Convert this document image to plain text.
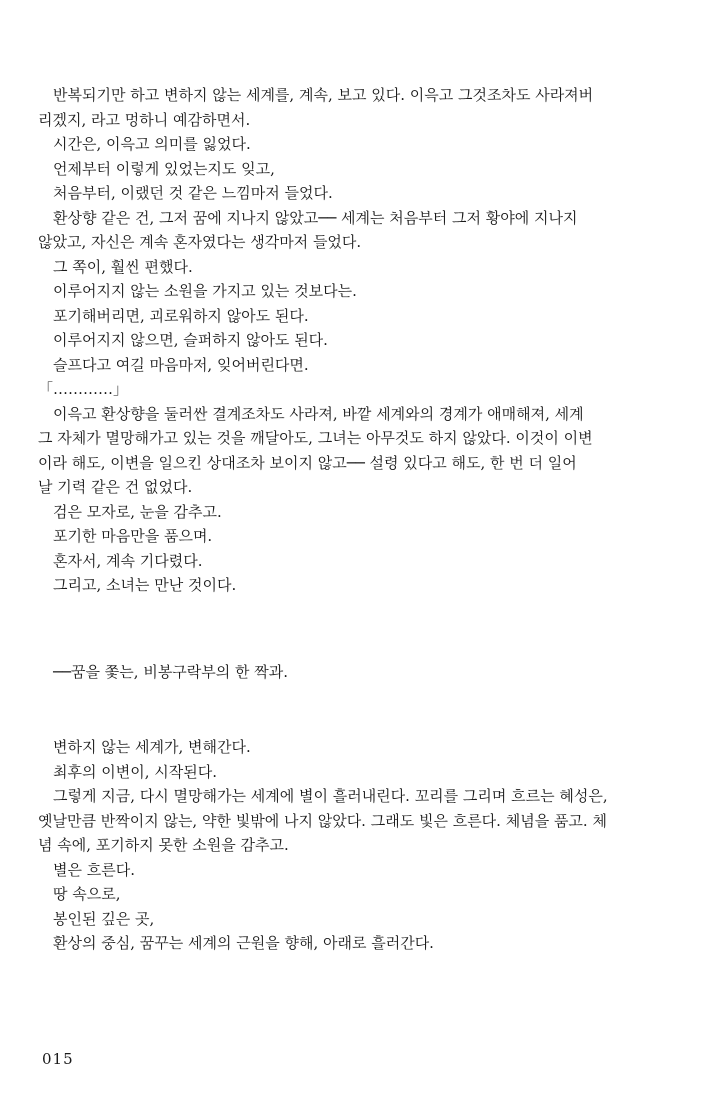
반복되기만 하고 변하지 않는 세계를, 계속, 보고 있다. 이윽고 그것조차도 사라져버
리겠지, 라고 멍하니 예감하면서.
시간은, 이윽고 의미를 잃었다.
언제부터 이렇게 있었는지도 잊고,
처음부터, 이랬던 것 같은 느낌마저 들었다.
환상향 같은 건, 그저 꿈에 지나지 않았고── 세계는 처음부터 그저 황야에 지나지
않았고, 자신은 계속 혼자였다는 생각마저 들었다.
그 쪽이, 훨씬 편했다.
이루어지지 않는 소원을 가지고 있는 것보다는.
포기해버리면, 괴로워하지 않아도 된다.
이루어지지 않으면, 슬퍼하지 않아도 된다.
슬프다고 여길 마음마저, 잊어버린다면.
「…………」
이윽고 환상향을 둘러싼 결계조차도 사라져, 바깥 세계와의 경계가 애매해져, 세계
그 자체가 멸망해가고 있는 것을 깨달아도, 그녀는 아무것도 하지 않았다. 이것이 이변
이라 해도, 이변을 일으킨 상대조차 보이지 않고── 설령 있다고 해도, 한 번 더 일어
날 기력 같은 건 없었다.
검은 모자로, 눈을 감추고.
포기한 마음만을 품으며.
혼자서, 계속 기다렸다.
그리고, 소녀는 만난 것이다.
──꿈을 쫓는, 비봉구락부의 한 짝과.
변하지 않는 세계가, 변해간다.
최후의 이변이, 시작된다.
그렇게 지금, 다시 멸망해가는 세계에 별이 흘러내린다. 꼬리를 그리며 흐르는 혜성은,
옛날만큼 반짝이지 않는, 약한 빛밖에 나지 않았다. 그래도 빛은 흐른다. 체념을 품고. 체
념 속에, 포기하지 못한 소원을 감추고.
별은 흐른다.
땅 속으로,
봉인된 깊은 곳,
환상의 중심, 꿈꾸는 세계의 근원을 향해, 아래로 흘러간다.
015
